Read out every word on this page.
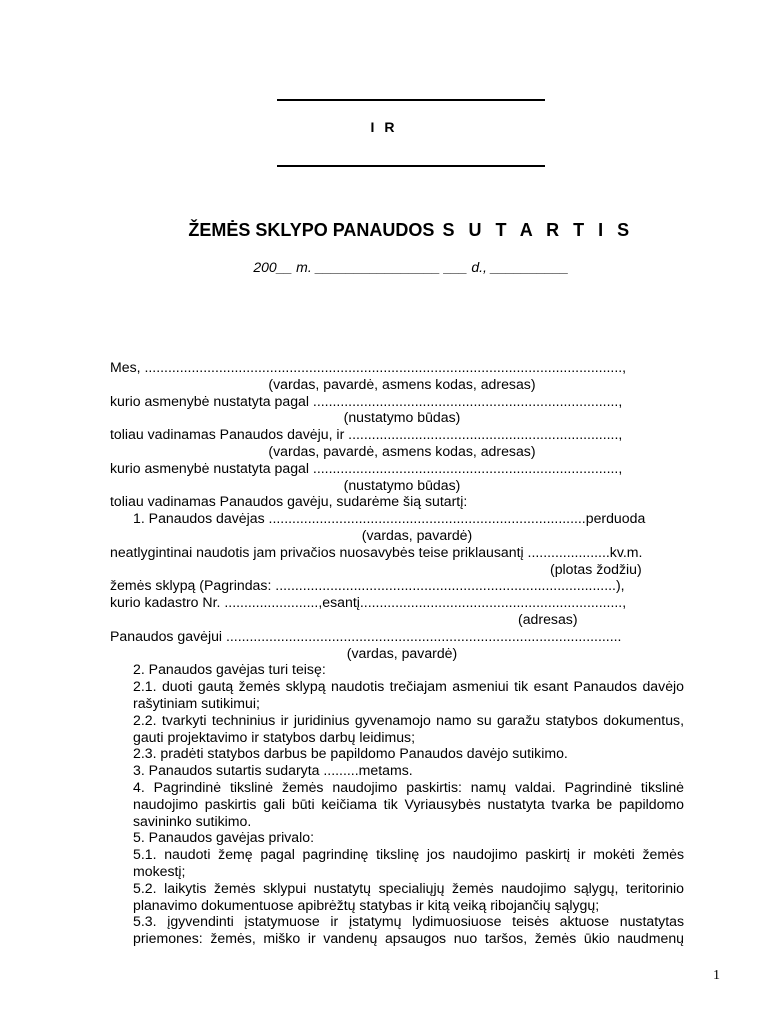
I R
ŽEMĖS SKLYPO PANAUDOS S U T A R T I S
200__ m. ________________ ___ d., __________
Mes, ..........................................................................................................................,
(vardas, pavardė, asmens kodas, adresas)
kurio asmenybė nustatyta pagal ..............................................................................,
(nustatymo būdas)
toliau vadinamas Panaudos davėju, ir .....................................................................,
(vardas, pavardė, asmens kodas, adresas)
kurio asmenybė nustatyta pagal ..............................................................................,
(nustatymo būdas)
toliau vadinamas Panaudos gavėju, sudarėme šią sutartį:
1. Panaudos davėjas .................................................................................perduoda
(vardas, pavardė)
neatlygintinai naudotis jam privačios nuosavybės teise priklausantį .....................kv.m.
(plotas žodžiu)
žemės sklypą (Pagrindas: .......................................................................................),
kurio kadastro Nr. ........................,esantį...................................................................,
(adresas)
Panaudos gavėjui .....................................................................................................
(vardas, pavardė)
2. Panaudos gavėjas turi teisę:
2.1. duoti gautą žemės sklypą naudotis trečiajam asmeniui tik esant Panaudos davėjo rašytiniam sutikimui;
2.2. tvarkyti techninius ir juridinius gyvenamojo namo su garažu statybos dokumentus, gauti projektavimo ir statybos darbų leidimus;
2.3. pradėti statybos darbus be papildomo Panaudos davėjo sutikimo.
3. Panaudos sutartis sudaryta .........metams.
4. Pagrindinė tikslinė žemės naudojimo paskirtis: namų valdai. Pagrindinė tikslinė naudojimo paskirtis gali būti keičiama tik Vyriausybės nustatyta tvarka be papildomo savininko sutikimo.
5. Panaudos gavėjas privalo:
5.1. naudoti žemę pagal pagrindinę tikslinę jos naudojimo paskirtį ir mokėti žemės mokestį;
5.2. laikytis žemės sklypui nustatytų specialiųjų žemės naudojimo sąlygų, teritorinio planavimo dokumentuose apibrėžtų statybas ir kitą veiką ribojančių sąlygų;
5.3. įgyvendinti įstatymuose ir įstatymų lydimuosiuose teisės aktuose nustatytas priemones: žemės, miško ir vandenų apsaugos nuo taršos, žemės ūkio naudmenų
1
